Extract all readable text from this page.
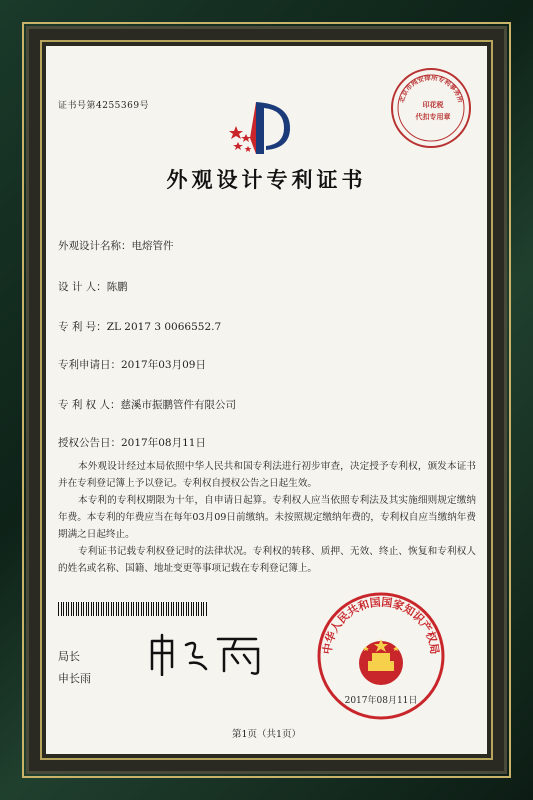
证书号第4255369号
北京市网安律所专利事务所
印花税
代扣专用章
外观设计专利证书
外观设计名称：电熔管件
设 计 人：陈鹏
专 利 号：ZL 2017 3 0066552.7
专利申请日：2017年03月09日
专 利 权 人：慈溪市振鹏管件有限公司
授权公告日：2017年08月11日
本外观设计经过本局依照中华人民共和国专利法进行初步审查，决定授予专利权，颁发本证书并在专利登记簿上予以登记。专利权自授权公告之日起生效。
本专利的专利权期限为十年，自申请日起算。专利权人应当依照专利法及其实施细则规定缴纳年费。本专利的年费应当在每年03月09日前缴纳。未按照规定缴纳年费的，专利权自应当缴纳年费期满之日起终止。
专利证书记载专利权登记时的法律状况。专利权的转移、质押、无效、终止、恢复和专利权人的姓名或名称、国籍、地址变更等事项记载在专利登记簿上。
局长
申长雨
中华人民共和国国家知识产权局
2017年08月11日
第1页（共1页）
